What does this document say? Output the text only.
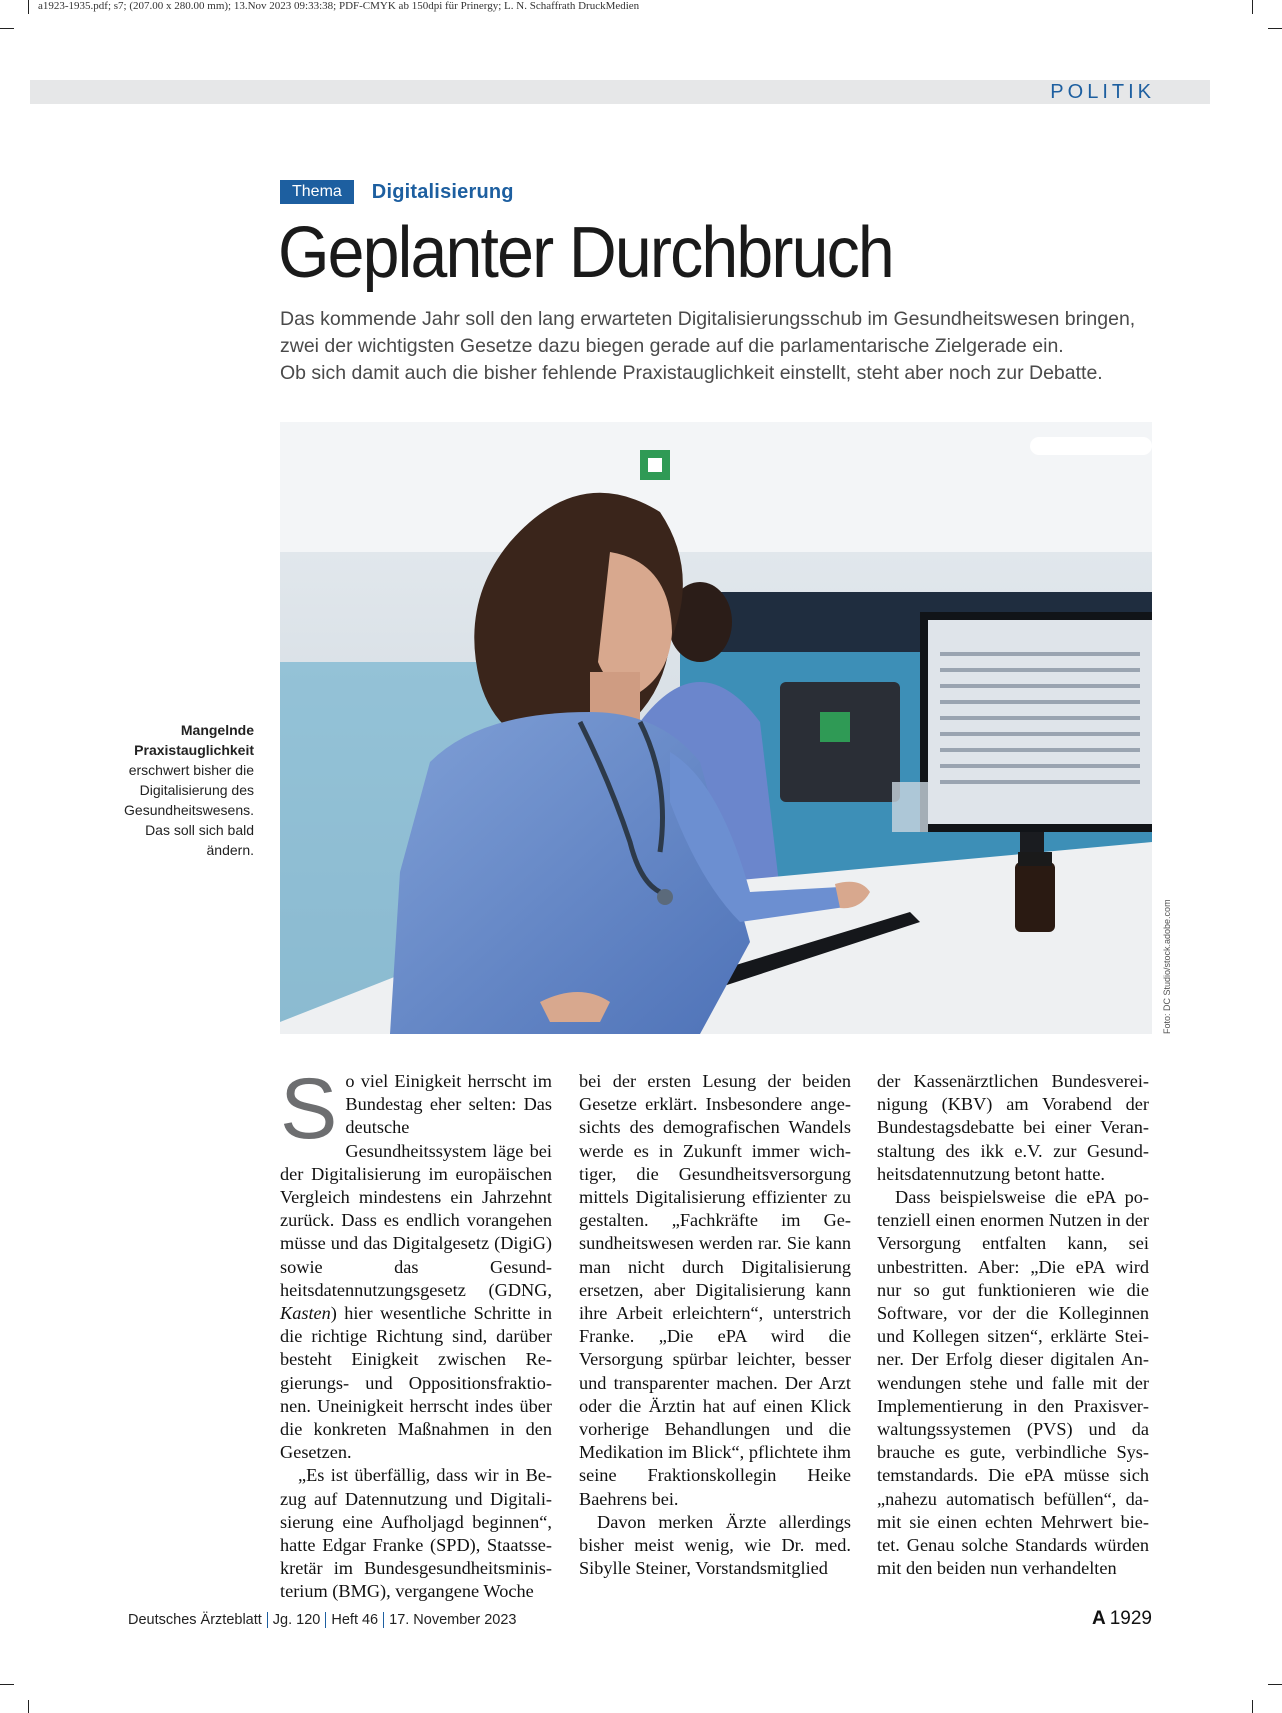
a1923-1935.pdf; s7; (207.00 x 280.00 mm); 13.Nov 2023 09:33:38; PDF-CMYK ab 150dpi für Prinergy; L. N. Schaffrath DruckMedien
POLITIK
Thema	Digitalisierung
Geplanter Durchbruch

Das kommende Jahr soll den lang erwarteten Digitalisierungsschub im Gesundheitswesen bringen,

zwei der wichtigsten Gesetze dazu biegen gerade auf die parlamentarische Zielgerade ein.

Ob sich damit auch die bisher fehlende Praxistauglichkeit einstellt, steht aber noch zur Debatte.

Foto: DC Studio/stock.adobe.com
Mangelnde Praxistauglichkeit erschwert bisher die Digitalisierung des Gesundheitswesens. Das soll sich bald ändern.

So viel Einigkeit herrscht im Bundestag eher selten: Das deutsche Gesundheitssystem läge bei der Digitalisierung im europäischen Vergleich mindestens ein Jahrzehnt zurück. Dass es endlich vorangehen müsse und das Digitalgesetz (DigiG) sowie das Gesundheitsdatennutzungsgesetz (GDNG, Kasten) hier wesentliche Schritte in die richtige Richtung sind, darüber besteht Einigkeit zwischen Regierungs- und Oppositionsfraktionen. Uneinigkeit herrscht indes über die konkreten Maßnahmen in den Gesetzen.

„Es ist überfällig, dass wir in Bezug auf Datennutzung und Digitalisierung eine Aufholjagd beginnen“, hatte Edgar Franke (SPD), Staatssekretär im Bundesgesundheitsministerium (BMG), vergangene Woche

bei der ersten Lesung der beiden Gesetze erklärt. Insbesondere angesichts des demografischen Wandels werde es in Zukunft immer wichtiger, die Gesundheitsversorgung mittels Digitalisierung effizienter zu gestalten. „Fachkräfte im Gesundheitswesen werden rar. Sie kann man nicht durch Digitalisierung ersetzen, aber Digitalisierung kann ihre Arbeit erleichtern“, unterstrich Franke. „Die ePA wird die Versorgung spürbar leichter, besser und transparenter machen. Der Arzt oder die Ärztin hat auf einen Klick vorherige Behandlungen und die Medikation im Blick“, pflichtete ihm seine Fraktionskollegin Heike Baehrens bei.

Davon merken Ärzte allerdings bisher meist wenig, wie Dr. med. Sibylle Steiner, Vorstandsmitglied

der Kassenärztlichen Bundesvereinigung (KBV) am Vorabend der Bundestagsdebatte bei einer Veranstaltung des ikk e.V. zur Gesundheitsdatennutzung betont hatte.

Dass beispielsweise die ePA potenziell einen enormen Nutzen in der Versorgung entfalten kann, sei unbestritten. Aber: „Die ePA wird nur so gut funktionieren wie die Software, vor der die Kolleginnen und Kollegen sitzen“, erklärte Steiner. Der Erfolg dieser digitalen Anwendungen stehe und falle mit der Implementierung in den Praxisverwaltungssystemen (PVS) und da brauche es gute, verbindliche Systemstandards. Die ePA müsse sich „nahezu automatisch befüllen“, damit sie einen echten Mehrwert bietet. Genau solche Standards würden mit den beiden nun verhandelten

Deutsches Ärzteblatt Jg. 120 Heft 46 17. November 2023	A 1929
